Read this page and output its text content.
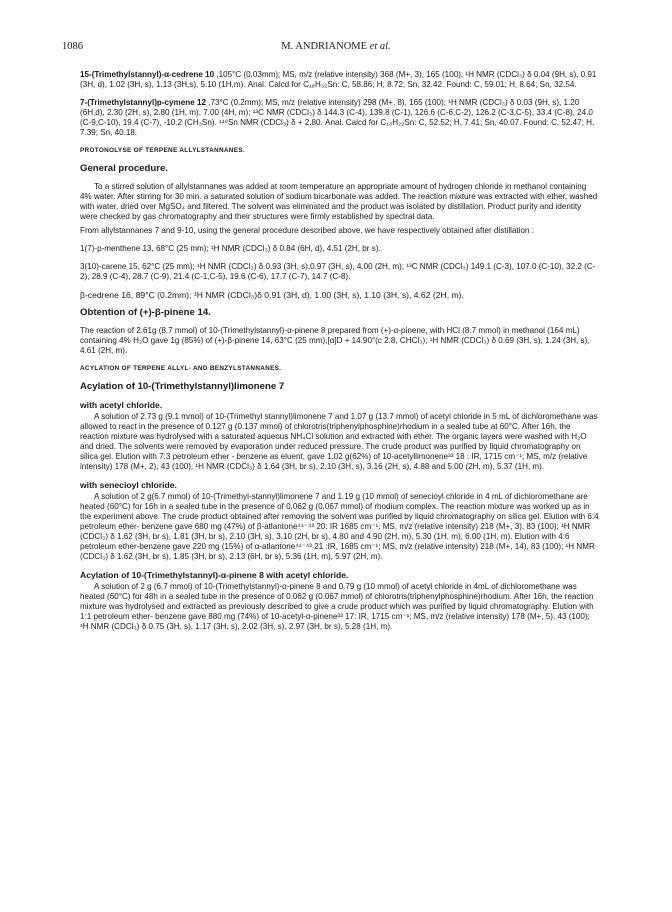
1086	M. ANDRIANOME et al.

15-(Trimethylstannyl)-α-cedrene 10 ,105°C (0.03mm); MS, m/z (relative intensity) 368 (M+, 3), 165 (100); ¹H NMR (CDCl₃) δ 0.04 (9H, s), 0.91 (3H, d), 1.02 (3H, s), 1.13 (3H,s), 5.10 (1H,m). Anal. Calcd for C₁₈H₃₂Sn: C, 58.86; H, 8.72; Sn, 32.42. Found: C, 59.01; H, 8.64; Sn, 32.54.

7-(Trimethylstannyl)p-cymene 12 ,73°C (0.2mm); MS, m/z (relative intensity) 298 (M+, 8), 165 (100); ¹H NMR (CDCl₃) δ 0.03 (9H, s), 1.20 (6H,d), 2.30 (2H, s), 2.80 (1H, m), 7.00 (4H, m); ¹³C NMR (CDCl₃) δ 144.3 (C-4), 139.8 (C-1), 126.6 (C-6,C-2), 126.2 (C-3,C-5), 33.4 (C-8), 24.0 (C-9,C-10), 19.4 (C-7), -10.2 (CH₃Sn). ¹¹⁹Sn NMR (CDCl₃) δ + 2.80. Anal. Calcd for C₁₃H₂₂Sn: C, 52.52; H, 7.41; Sn, 40.07. Found: C, 52.47; H, 7.39; Sn, 40.18.

PROTONOLYSE OF TERPENE ALLYLSTANNANES.
General procedure.

To a stirred solution of allylstannanes was added at room temperature an appropriate amount of hydrogen chloride in methanol containing 4% water. After stirring for 30 min. a saturated solution of sodium bicarbonate was added. The reaction mixture was extracted with ether, washed with water, dried over MgSO₄ and filtered. The solvent was eliminated and the product was isolated by distillation. Product purity and identity were checked by gas chromatography and their structures were firmly established by spectral data.

From allylstannanes 7 and 9-10, using the general procedure described above, we have respectively obtained after distillation :

1(7)-p-menthene 13, 68°C (25 mm); ¹H NMR (CDCl₃) δ 0.84 (6H, d), 4.51 (2H, br s).

3(10)-carene 15, 62°C (25 mm); ¹H NMR (CDCl₃) δ 0.93 (3H, s),0.97 (3H, s), 4.00 (2H, m); ¹³C NMR (CDCl₃) 149.1 (C-3), 107.0 (C-10), 32.2 (C-2), 28.9 (C-4), 28.7 (C-9), 21.4 (C-1,C-5), 19.6 (C-6), 17.7 (C-7), 14.7 (C-8).

β-cedrene 16, 89°C (0.2mm); ¹H NMR (CDCl₃)δ 0.91 (3H, d), 1.00 (3H, s), 1.10 (3H, s), 4.62 (2H, m).

Obtention of (+)-β-pinene 14.

The reaction of 2.61g (8.7 mmol) of 10-(Trimethylstannyl)-α-pinene 8 prepared from (+)-α-pinene, with HCl (8.7 mmol) in methanol (164 mL) containing 4% H₂O gave 1g (85%) of (+)-β-pinene 14, 63°C (25 mm),[α]D + 14.90°(c 2.8, CHCl₃); ¹H NMR (CDCl₃) δ 0.69 (3H, s), 1.24 (3H, s), 4.61 (2H, m).

ACYLATION OF TERPENE ALLYL- AND BENZYLSTANNANES.
Acylation of 10-(Trimethylstannyl)limonene 7
with acetyl chloride.

A solution of 2.73 g (9.1 mmol) of 10-(Trimethyl stannyl)limonene 7 and 1.07 g (13.7 mmol) of acetyl chloride in 5 mL of dichloromethane was allowed to react in the presence of 0.127 g (0.137 mmol) of chlorotris(triphenylphosphine)rhodium in a sealed tube at 60°C. After 16h, the reaction mixture was hydrolysed with a saturated aqueous NH₄Cl solution and extracted with ether. The organic layers were washed with H₂O and dried. The solvents were removed by evaporation under reduced pressure. The crude product was purified by liquid chromatography on silica gel. Elution with 7:3 petroleum ether - benzene as eluent, gave 1.02 g(62%) of 10-acetyllimonene³³ 18 : IR, 1715 cm⁻¹; MS, m/z (relative intensity) 178 (M+, 2), 43 (100); ¹H NMR (CDCl₃) δ 1.64 (3H, br s), 2.10 (3H, s), 3.16 (2H, s), 4.88 and 5.00 (2H, m), 5.37 (1H, m).

with senecioyl chloride.

A solution of 2 g(6.7 mmol) of 10-(Trimethyl-stannyl)limonene 7 and 1.19 g (10 mmol) of senecioyl chloride in 4 mL of dichloromethane are heated (60°C) for 16h in a sealed tube in the presence of 0.062 g (0.067 mmol) of rhodium complex. The reaction mixture was worked up as in the experiment above. The crude product obtained after removing the solvent was purified by liquid chromatography on silica gel. Elution with 6:4 petroleum ether- benzene gave 680 mg (47%) of β-atlantone⁴¹⁻⁴³ 20: IR 1685 cm⁻¹; MS, m/z (relative intensity) 218 (M+, 3), 83 (100); ¹H NMR (CDCl₃) δ 1.62 (3H, br s), 1.81 (3H, br s), 2.10 (3H, s), 3.10 (2H, br s), 4.80 and 4.90 (2H, m), 5.30 (1H, m), 6.00 (1H, m). Elution with 4:6 petroleum ether-benzene gave 220 mg (15%) of α-atlantone⁴¹⁻⁴³ 21 :IR, 1685 cm⁻¹; MS, m/z (relative intensity) 218 (M+, 14), 83 (100); ¹H NMR (CDCl₃) δ 1.62 (3H, br s), 1.85 (3H, br s), 2.13 (6H, br s), 5.36 (1H, m), 5.97 (2H, m).

Acylation of 10-(Trimethylstannyl)-α-pinene 8 with acetyl chloride.

A solution of 2 g (6.7 mmol) of 10-(Trimethylstannyl)-α-pinene 8 and 0.79 g (10 mmol) of acetyl chloride in 4mL of dichloromethane was heated (60°C) for 48h in a sealed tube in the presence of 0.062 g (0.067 mmol) of chlorotris(triphenylphosphine)rhodium. After 16h, the reaction mixture was hydrolysed and extracted as previously described to give a crude product which was purified by liquid chromatography. Elution with 1:1 petroleum ether- benzene gave 880 mg (74%) of 10-acetyl-α-pinene³³ 17: IR, 1715 cm⁻¹; MS, m/z (relative intensity) 178 (M+, 5), 43 (100); ¹H NMR (CDCl₃) δ 0.75 (3H, s), 1.17 (3H, s), 2.02 (3H, s), 2.97 (3H, br s), 5.28 (1H, m).
